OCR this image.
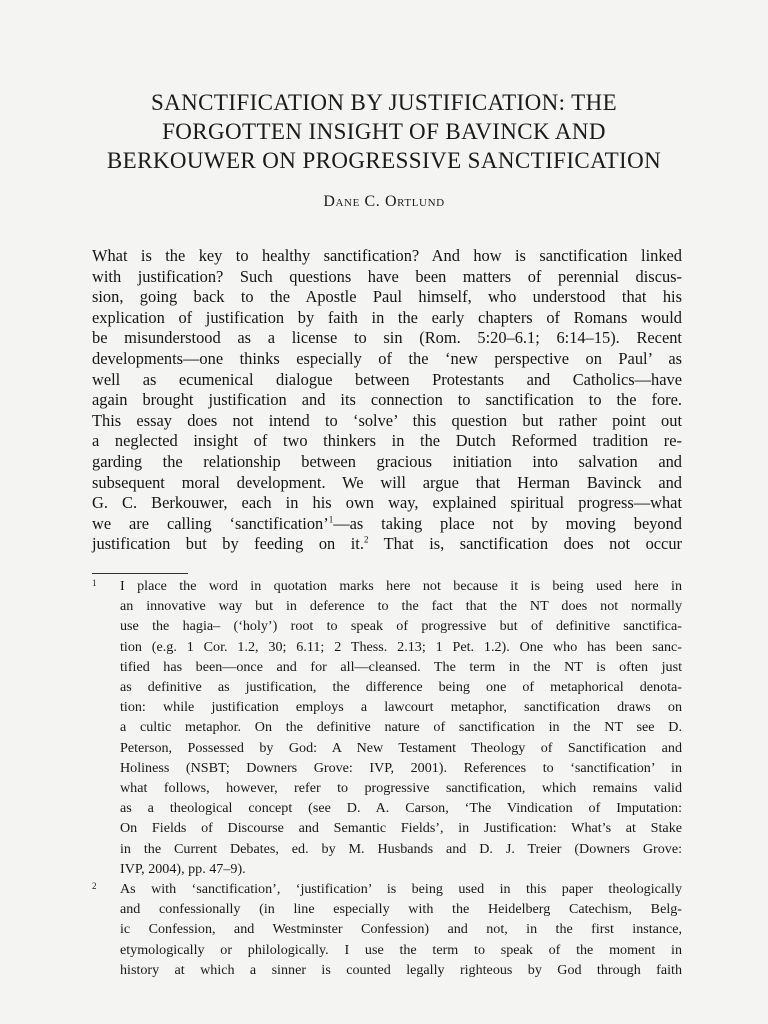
SANCTIFICATION BY JUSTIFICATION: THE
FORGOTTEN INSIGHT OF BAVINCK AND
BERKOUWER ON PROGRESSIVE SANCTIFICATION
Dane C. Ortlund
What is the key to healthy sanctification? And how is sanctification linked
with justification? Such questions have been matters of perennial discus-
sion, going back to the Apostle Paul himself, who understood that his
explication of justification by faith in the early chapters of Romans would
be misunderstood as a license to sin (Rom. 5:20–6.1; 6:14–15). Recent
developments—one thinks especially of the ‘new perspective on Paul’ as
well as ecumenical dialogue between Protestants and Catholics—have
again brought justification and its connection to sanctification to the fore.
This essay does not intend to ‘solve’ this question but rather point out
a neglected insight of two thinkers in the Dutch Reformed tradition re-
garding the relationship between gracious initiation into salvation and
subsequent moral development. We will argue that Herman Bavinck and
G. C. Berkouwer, each in his own way, explained spiritual progress—what
we are calling ‘sanctification’$^1$—as taking place not by moving beyond
justification but by feeding on it.$^2$ That is, sanctification does not occur
1 I place the word in quotation marks here not because it is being used here in
an innovative way but in deference to the fact that the NT does not normally
use the hagia– (‘holy’) root to speak of progressive but of definitive sanctifica-
tion (e.g. 1 Cor. 1.2, 30; 6.11; 2 Thess. 2.13; 1 Pet. 1.2). One who has been sanc-
tified has been—once and for all—cleansed. The term in the NT is often just
as definitive as justification, the difference being one of metaphorical denota-
tion: while justification employs a lawcourt metaphor, sanctification draws on
a cultic metaphor. On the definitive nature of sanctification in the NT see D.
Peterson, Possessed by God: A New Testament Theology of Sanctification and
Holiness (NSBT; Downers Grove: IVP, 2001). References to ‘sanctification’ in
what follows, however, refer to progressive sanctification, which remains valid
as a theological concept (see D. A. Carson, ‘The Vindication of Imputation:
On Fields of Discourse and Semantic Fields’, in Justification: What’s at Stake
in the Current Debates, ed. by M. Husbands and D. J. Treier (Downers Grove:
IVP, 2004), pp. 47–9).
2 As with ‘sanctification’, ‘justification’ is being used in this paper theologically
and confessionally (in line especially with the Heidelberg Catechism, Belg-
ic Confession, and Westminster Confession) and not, in the first instance,
etymologically or philologically. I use the term to speak of the moment in
history at which a sinner is counted legally righteous by God through faith
